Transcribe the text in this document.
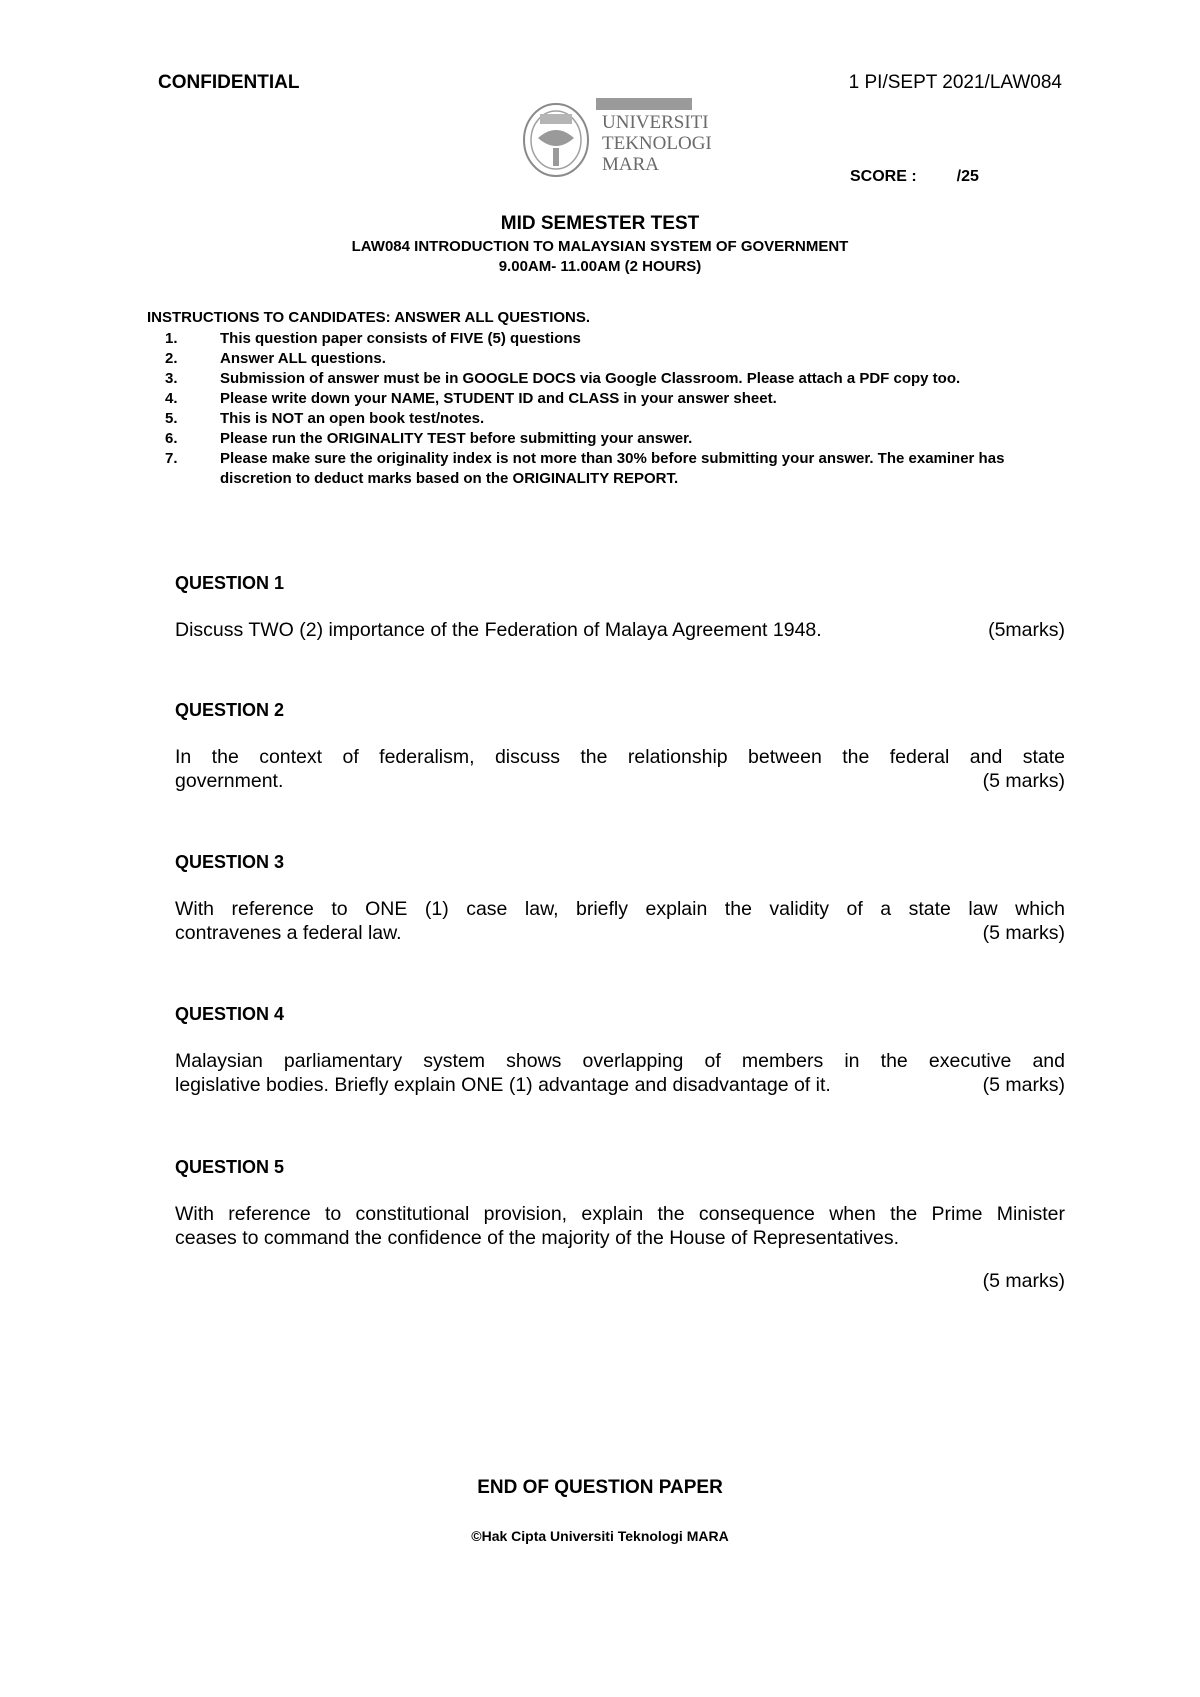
CONFIDENTIAL	1 PI/SEPT 2021/LAW084
UNIVERSITI
TEKNOLOGI
MARA
SCORE :	/25
MID SEMESTER TEST
LAW084 INTRODUCTION TO MALAYSIAN SYSTEM OF GOVERNMENT
9.00AM- 11.00AM (2 HOURS)
INSTRUCTIONS TO CANDIDATES: ANSWER ALL QUESTIONS.
1.	This question paper consists of FIVE (5) questions
2.	Answer ALL questions.
3.	Submission of answer must be in GOOGLE DOCS via Google Classroom. Please attach a PDF copy too.
4.	Please write down your NAME, STUDENT ID and CLASS in your answer sheet.
5.	This is NOT an open book test/notes.
6.	Please run the ORIGINALITY TEST before submitting your answer.
7.	Please make sure the originality index is not more than 30% before submitting your answer. The examiner has discretion to deduct marks based on the ORIGINALITY REPORT.
QUESTION 1
Discuss TWO (2) importance of the Federation of Malaya Agreement 1948.	(5marks)
QUESTION 2
In the context of federalism, discuss the relationship between the federal and state
government.	(5 marks)
QUESTION 3
With reference to ONE (1) case law, briefly explain the validity of a state law which
contravenes a federal law.	(5 marks)
QUESTION 4
Malaysian parliamentary system shows overlapping of members in the executive and
legislative bodies. Briefly explain ONE (1) advantage and disadvantage of it.	(5 marks)
QUESTION 5
With reference to constitutional provision, explain the consequence when the Prime Minister
ceases to command the confidence of the majority of the House of Representatives.
(5 marks)
END OF QUESTION PAPER
©Hak Cipta Universiti Teknologi MARA
